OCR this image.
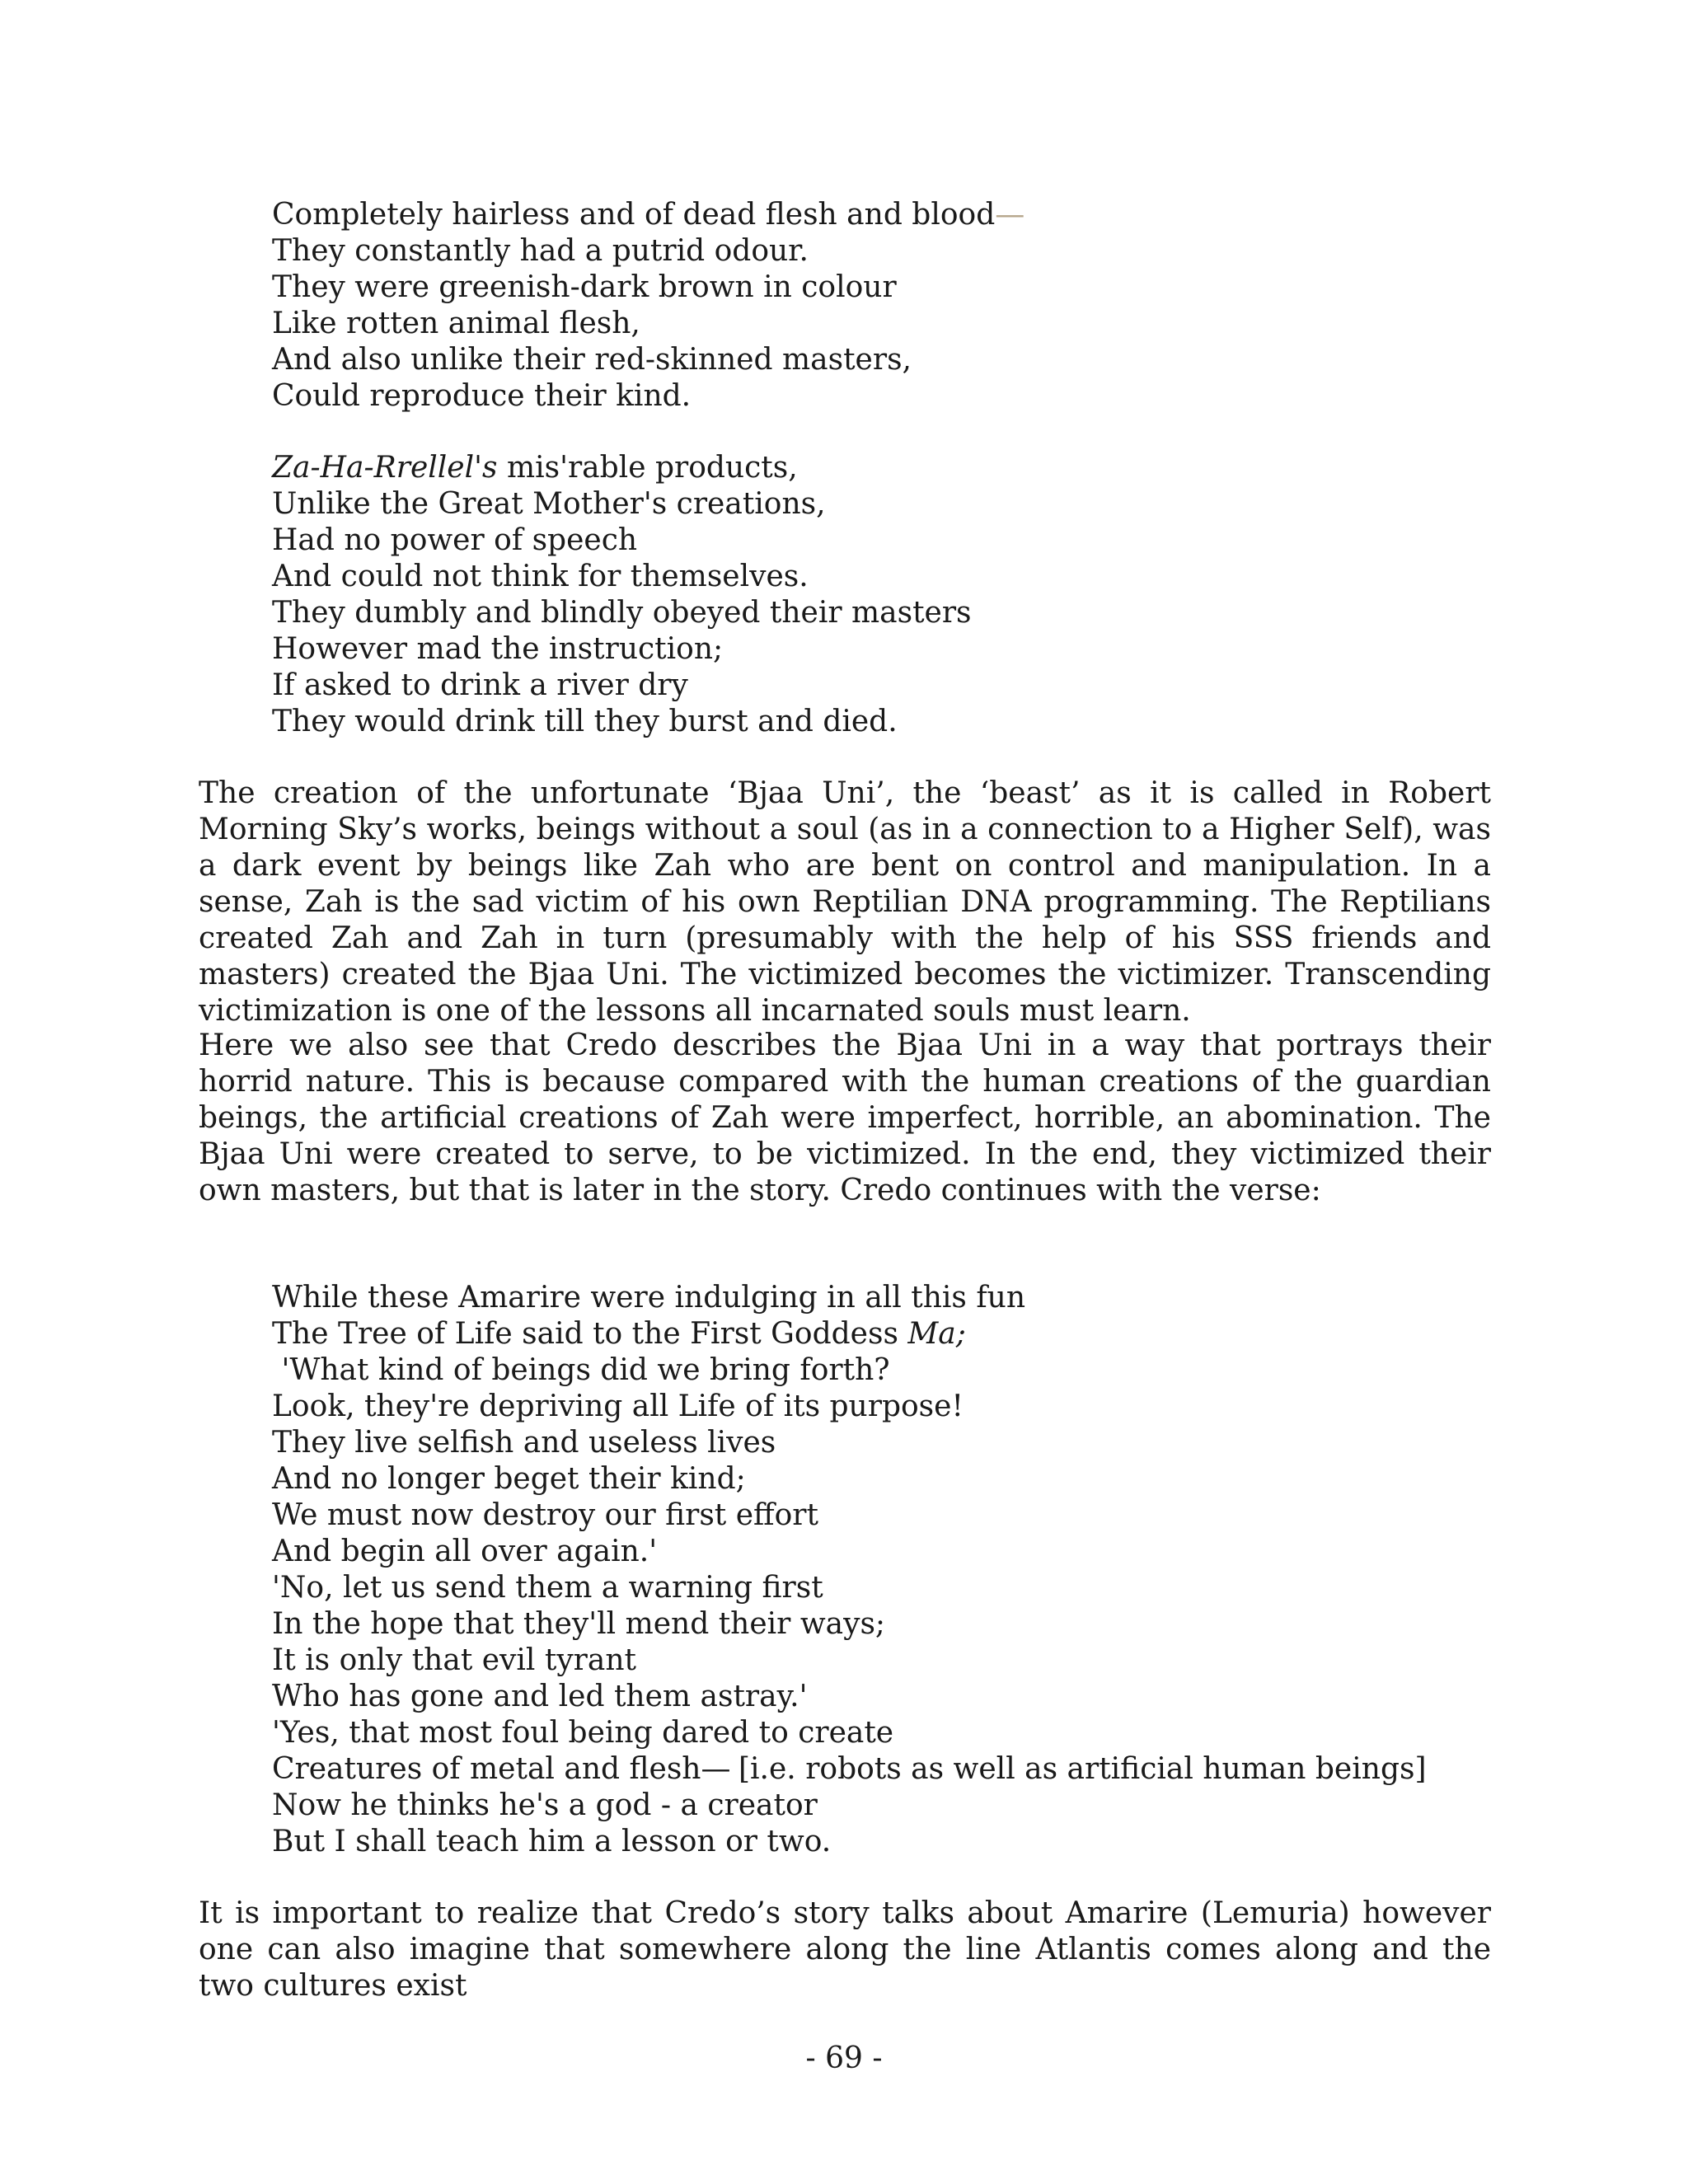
Completely hairless and of dead flesh and blood—
They constantly had a putrid odour.
They were greenish-dark brown in colour
Like rotten animal flesh,
And also unlike their red-skinned masters,
Could reproduce their kind.
Za-Ha-Rrellel's mis'rable products,
Unlike the Great Mother's creations,
Had no power of speech
And could not think for themselves.
They dumbly and blindly obeyed their masters
However mad the instruction;
If asked to drink a river dry
They would drink till they burst and died.
The creation of the unfortunate ‘Bjaa Uni’, the ‘beast’ as it is called in Robert Morning Sky’s works, beings without a soul (as in a connection to a Higher Self), was a dark event by beings like Zah who are bent on control and manipulation. In a sense, Zah is the sad victim of his own Reptilian DNA programming. The Reptilians created Zah and Zah in turn (presumably with the help of his SSS friends and masters) created the Bjaa Uni. The victimized becomes the victimizer. Transcending victimization is one of the lessons all incarnated souls must learn.
Here we also see that Credo describes the Bjaa Uni in a way that portrays their horrid nature. This is because compared with the human creations of the guardian beings, the artificial creations of Zah were imperfect, horrible, an abomination. The Bjaa Uni were created to serve, to be victimized. In the end, they victimized their own masters, but that is later in the story. Credo continues with the verse:
While these Amarire were indulging in all this fun
The Tree of Life said to the First Goddess Ma;
'What kind of beings did we bring forth?
Look, they're depriving all Life of its purpose!
They live selfish and useless lives
And no longer beget their kind;
We must now destroy our first effort
And begin all over again.'
'No, let us send them a warning first
In the hope that they'll mend their ways;
It is only that evil tyrant
Who has gone and led them astray.'
'Yes, that most foul being dared to create
Creatures of metal and flesh— [i.e. robots as well as artificial human beings]
Now he thinks he's a god - a creator
But I shall teach him a lesson or two.
It is important to realize that Credo’s story talks about Amarire (Lemuria) however one can also imagine that somewhere along the line Atlantis comes along and the two cultures exist
- 69 -
